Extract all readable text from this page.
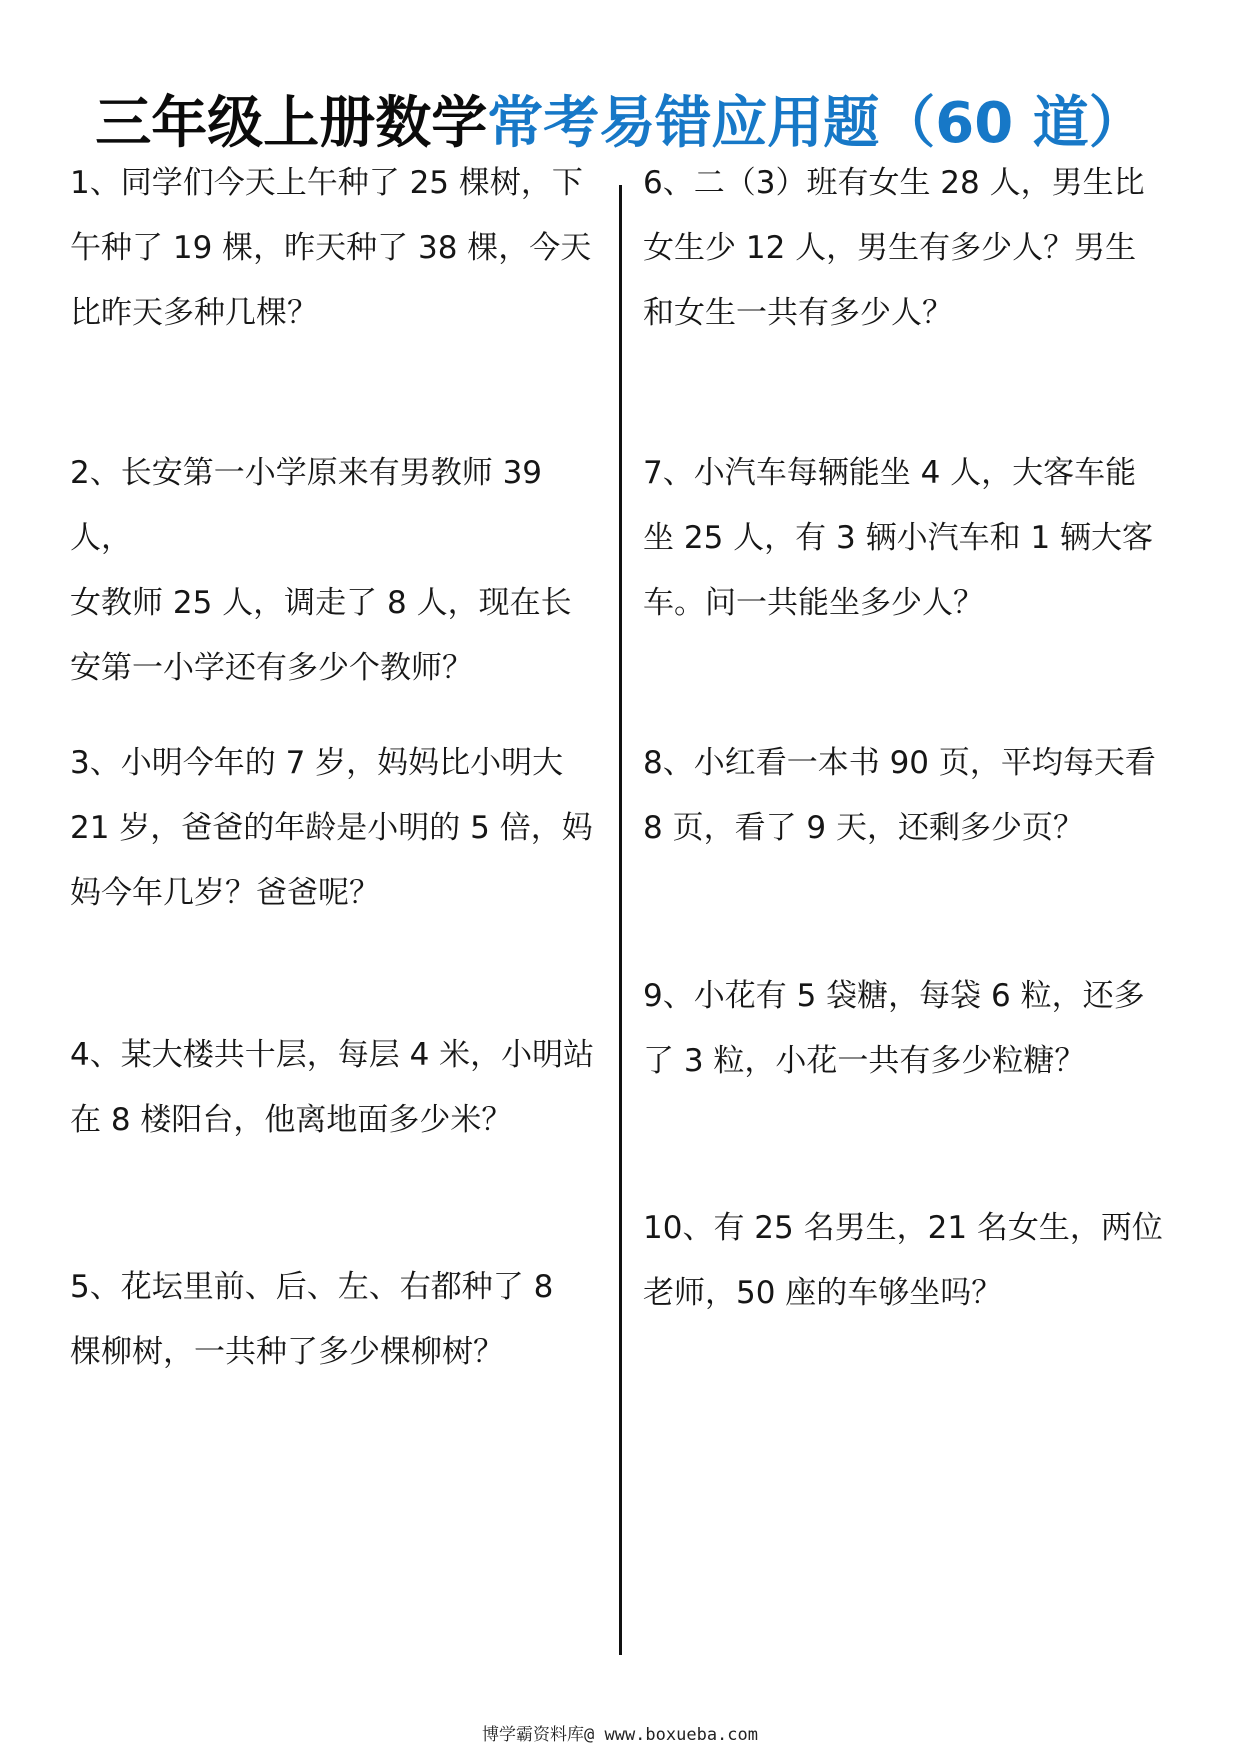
三年级上册数学常考易错应用题（60 道）
1、同学们今天上午种了 25 棵树，下
午种了 19 棵，昨天种了 38 棵，今天
比昨天多种几棵？
2、长安第一小学原来有男教师 39 人，
女教师 25 人，调走了 8 人，现在长
安第一小学还有多少个教师？
3、小明今年的 7 岁，妈妈比小明大
21 岁，爸爸的年龄是小明的 5 倍，妈
妈今年几岁？爸爸呢？
4、某大楼共十层，每层 4 米，小明站
在 8 楼阳台，他离地面多少米？
5、花坛里前、后、左、右都种了 8
棵柳树，一共种了多少棵柳树？
6、二（3）班有女生 28 人，男生比
女生少 12 人，男生有多少人？男生
和女生一共有多少人？
7、小汽车每辆能坐 4 人，大客车能
坐 25 人，有 3 辆小汽车和 1 辆大客
车。问一共能坐多少人？
8、小红看一本书 90 页，平均每天看
8 页，看了 9 天，还剩多少页？
9、小花有 5 袋糖，每袋 6 粒，还多
了 3 粒，小花一共有多少粒糖？
10、有 25 名男生，21 名女生，两位
老师，50 座的车够坐吗？
博学霸资料库@ www.boxueba.com
